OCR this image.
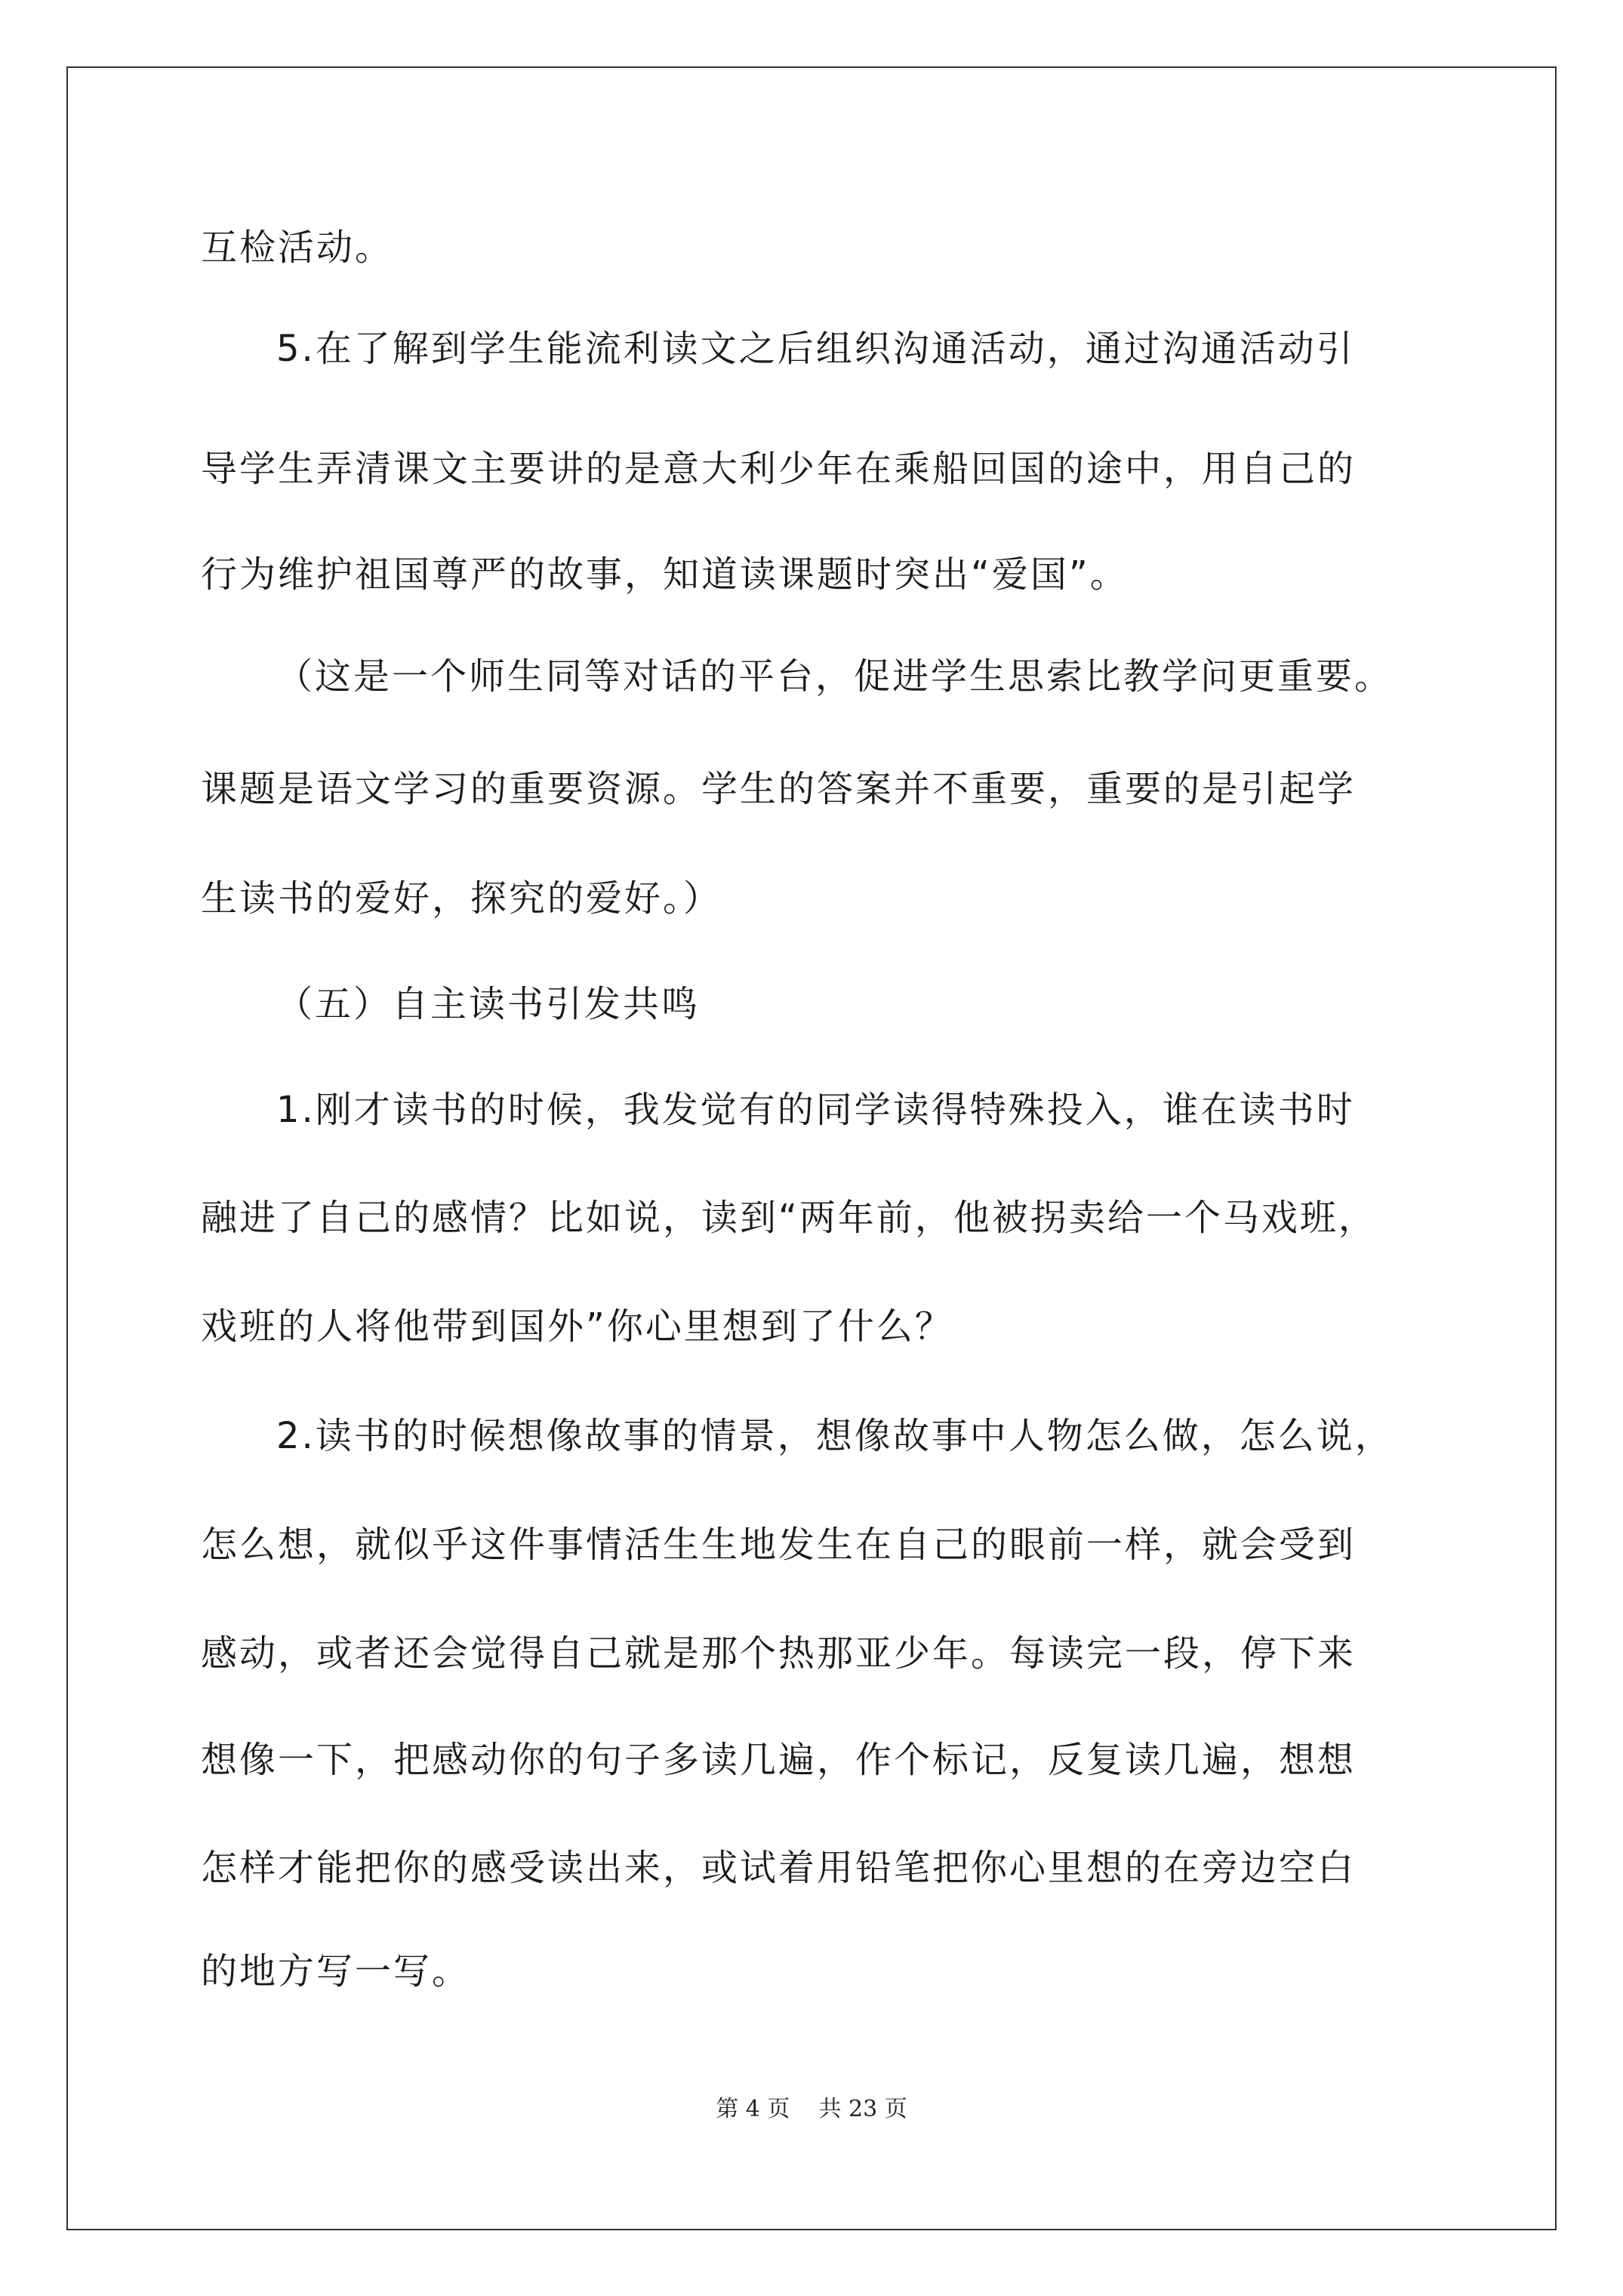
互检活动。
5.在了解到学生能流利读文之后组织沟通活动，通过沟通活动引
导学生弄清课文主要讲的是意大利少年在乘船回国的途中，用自己的
行为维护祖国尊严的故事，知道读课题时突出“爱国”。
（这是一个师生同等对话的平台，促进学生思索比教学问更重要。
课题是语文学习的重要资源。学生的答案并不重要，重要的是引起学
生读书的爱好，探究的爱好。）
（五）自主读书引发共鸣
1.刚才读书的时候，我发觉有的同学读得特殊投入，谁在读书时
融进了自己的感情？比如说，读到“两年前，他被拐卖给一个马戏班，
戏班的人将他带到国外”你心里想到了什么？
2.读书的时候想像故事的情景，想像故事中人物怎么做，怎么说，
怎么想，就似乎这件事情活生生地发生在自己的眼前一样，就会受到
感动，或者还会觉得自己就是那个热那亚少年。每读完一段，停下来
想像一下，把感动你的句子多读几遍，作个标记，反复读几遍，想想
怎样才能把你的感受读出来，或试着用铅笔把你心里想的在旁边空白
的地方写一写。
第 4 页    共 23 页
